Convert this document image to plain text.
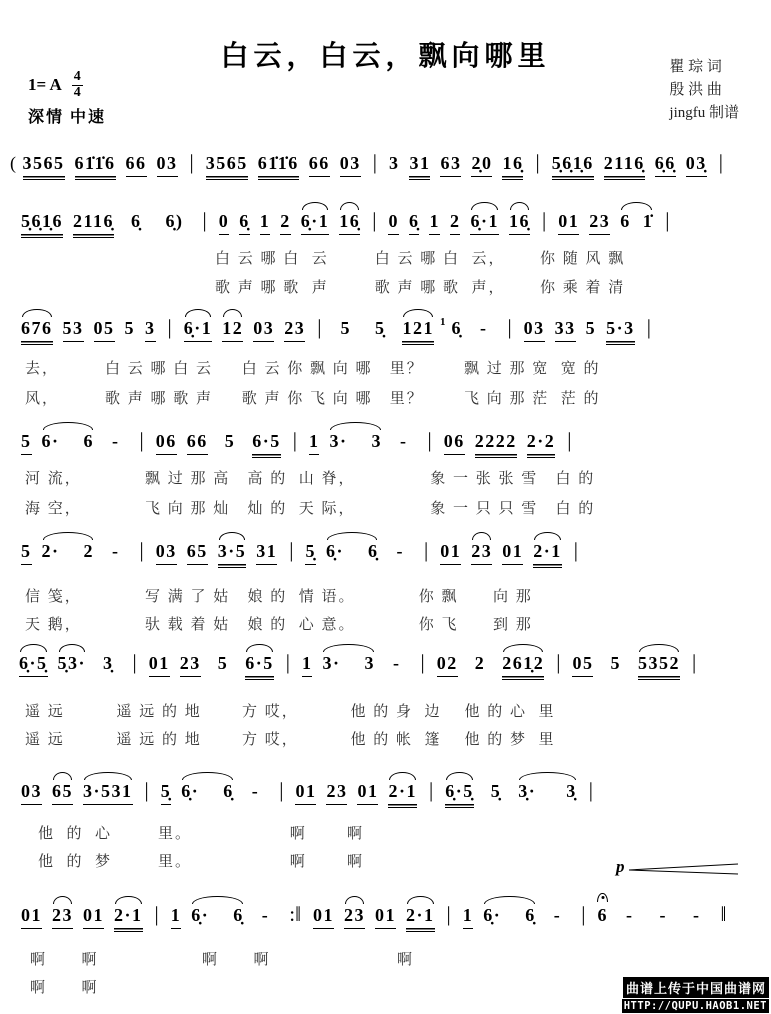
白云，白云，飘向哪里
1= A $\frac{4}{4}$
深情 中速
瞿 琮 词
殷 洪 曲
jingfu 制谱
( 3565 61̇1̇6 66 03 | 3565 61̇1̇6 66 03 | 3 31 63 2̣0 16̣ | 5̣6̣1̣6 2116̣ 6̣6̣ 03̣ |
5̣6̣1̣6 2116̣ 6̣ 6̣) | 0 6̣ 1 2 6̣·1 16̣ | 0 6̣ 1 2 6̣·1 16̣ | 01 23 6  1̇ |
白 云 哪 白  云        白 云 哪 白  云，      你 随 风 飘
歌 声 哪 歌  声        歌 声 哪 歌  声，      你 乘 着 清
676 53 05 5 3 | 6̣·1 12 03 23 | 5 5̣ 121 1 6̣ - | 03 33 5 5·3 |
去，        白 云 哪 白 云     白 云 你 飘 向 哪   里？       飘 过 那 宽  宽 的
风，        歌 声 哪 歌 声     歌 声 你 飞 向 哪   里？       飞 向 那 茫  茫 的
5 6·    6 - | 06 66 5 6·5 | 1 3·    3 - | 06 2222 2·2 |
河 流，           飘 过 那 高   高 的  山 脊，             象 一 张 张 雪   白 的
海 空，           飞 向 那 灿   灿 的  天 际，             象 一 只 只 雪   白 的
5 2·    2 - | 03 65 3·5 31 | 5̣ 6̣·    6̣ - | 01 23 01 2·1 |
信 笺，           写 满 了 姑   娘 的  情 语。           你 飘      向 那
天 鹅，           驮 载 着 姑   娘 的  心 意。           你 飞      到 那
6̣·5̣ 5̣3· 3̣ | 01 23 5 6·5 | 1 3·    3 - | 02 2 261̣2 | 05 5 5352 |
遥 远         遥 远 的 地       方 哎，         他 的 身  边    他 的 心  里
遥 远         遥 远 的 地       方 哎，         他 的 帐  篷    他 的 梦  里
03 65 3·531 | 5̣ 6̣·    6̣ - | 01 23 01 2·1 | 6̣·5̣ 5̣ 3̣·     3̣ |
他  的  心        里。                 啊       啊
他  的  梦        里。                 啊       啊
01 23 01 2·1 | 1 6̣·    6̣ - :‖ 01 23 01 2·1 | 1 6̣·    6̣ - | 6 - - - ‖
啊      啊                  啊      啊                      啊
啊      啊
p
曲谱上传于中国曲谱网
HTTP://QUPU.HAOB1.NET
